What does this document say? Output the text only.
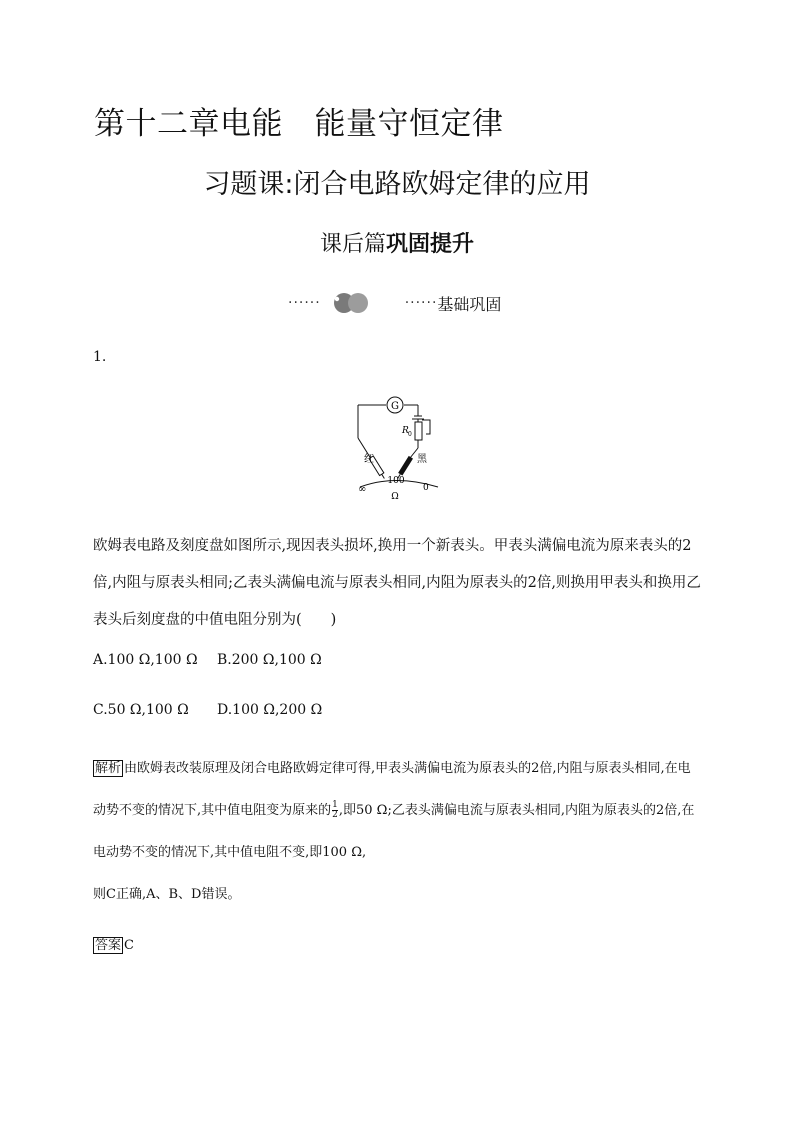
第十二章电能　能量守恒定律
习题课:闭合电路欧姆定律的应用
课后篇巩固提升
······	······ 基础巩固
1.
G
R 0
红	黑
100
∞	0
Ω
欧姆表电路及刻度盘如图所示,现因表头损坏,换用一个新表头。甲表头满偏电流为原来表头的2倍,内阻与原表头相同;乙表头满偏电流与原表头相同,内阻为原表头的2倍,则换用甲表头和换用乙表头后刻度盘的中值电阻分别为(　　)
A.100 Ω,100 Ω B.200 Ω,100 Ω
C.50 Ω,100 Ω D.100 Ω,200 Ω
解析 由欧姆表改装原理及闭合电路欧姆定律可得,甲表头满偏电流为原表头的2倍,内阻与原表头相同,在电动势不变的情况下,其中值电阻变为原来的 $\frac{1}{2}$ ,即50 Ω;乙表头满偏电流与原表头相同,内阻为原表头的2倍,在电动势不变的情况下,其中值电阻不变,即100 Ω,
则C正确,A、B、D错误。
答案 C
